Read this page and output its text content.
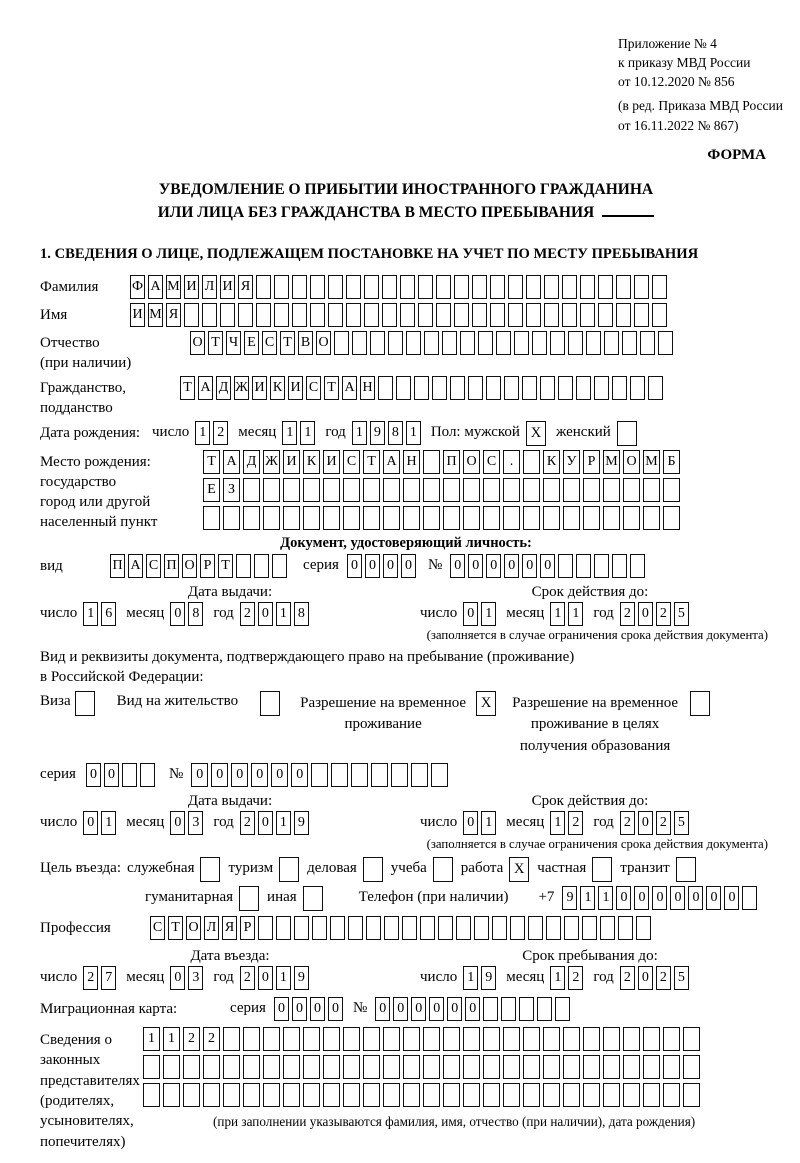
Приложение № 4
к приказу МВД России
от 10.12.2020 № 856
(в ред. Приказа МВД России
от 16.11.2022 № 867)
ФОРМА
УВЕДОМЛЕНИЕ О ПРИБЫТИИ ИНОСТРАННОГО ГРАЖДАНИНА
ИЛИ ЛИЦА БЕЗ ГРАЖДАНСТВА В МЕСТО ПРЕБЫВАНИЯ
1. СВЕДЕНИЯ О ЛИЦЕ, ПОДЛЕЖАЩЕМ ПОСТАНОВКЕ НА УЧЕТ ПО МЕСТУ ПРЕБЫВАНИЯ
Фамилия	Ф А М И Л И Я
Имя	И М Я
Отчество
(при наличии)
О Т Ч Е С Т В О
Гражданство,
подданство
Т А Д Ж И К И С Т А Н
Дата рождения: число 1 2 месяц 1 1 год 1 9 8 1 Пол: мужской X женский
Место рождения:
государство
город или другой
населенный пункт
Т А Д Ж И К И С Т А Н П О С .	К У Р М О М Б
Е З
Документ, удостоверяющий личность:
вид	П А С П О Р Т	серия 0 0 0 0 № 0 0 0 0 0 0
Дата выдачи:	Срок действия до:
число 1 6 месяц 0 8 год 2 0 1 8	число 0 1 месяц 1 1 год 2 0 2 5
(заполняется в случае ограничения срока действия документа)
Вид и реквизиты документа, подтверждающего право на пребывание (проживание)
в Российской Федерации:
Виза	Вид на жительство	Разрешение на временное
проживание
X	Разрешение на временное
проживание в целях
получения образования
серия 0 0	№ 0 0 0 0 0 0
Дата выдачи:	Срок действия до:
число 0 1 месяц 0 3 год 2 0 1 9	число 0 1 месяц 1 2 год 2 0 2 5
(заполняется в случае ограничения срока действия документа)
Цель въезда: служебная туризм деловая учеба работа X частная транзит
гуманитарная иная	Телефон (при наличии) +7 9 1 1 0 0 0 0 0 0 0
Профессия	С Т О Л Я Р
Дата въезда:	Срок пребывания до:
число 2 7 месяц 0 3 год 2 0 1 9	число 1 9 месяц 1 2 год 2 0 2 5
Миграционная карта:	серия 0 0 0 0 № 0 0 0 0 0 0
Сведения о
законных
представителях
(родителях,
усыновителях,
попечителях)
1 1 2 2
(при заполнении указываются фамилия, имя, отчество (при наличии), дата рождения)
